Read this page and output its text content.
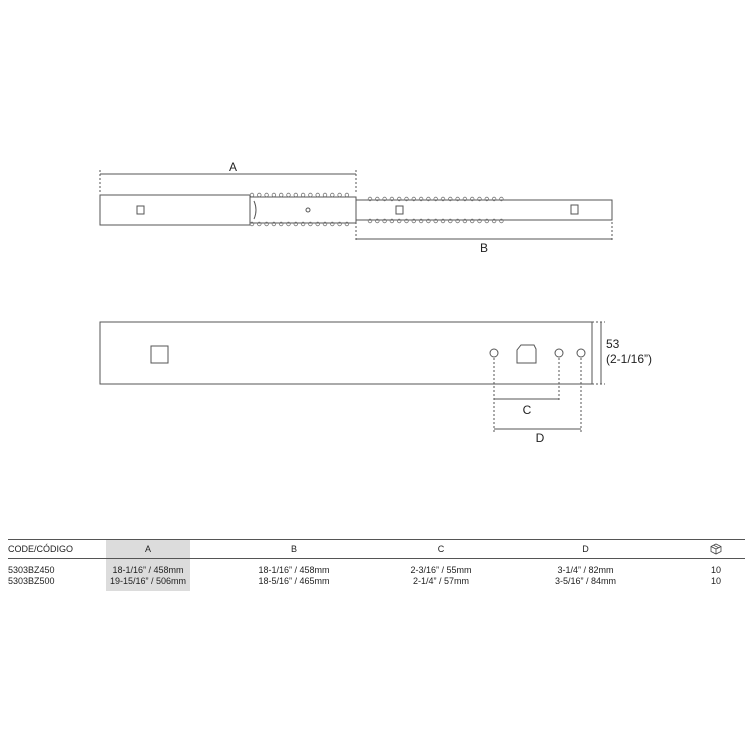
A
B
53
(2-1/16”)
C
D
CODE/CÓDIGO	A	B	C	D	
5303BZ450	18-1/16” / 458mm	18-1/16” / 458mm	2-3/16” / 55mm	3-1/4” / 82mm	10
5303BZ500	19-15/16” / 506mm	18-5/16” / 465mm	2-1/4” / 57mm	3-5/16” / 84mm	10
